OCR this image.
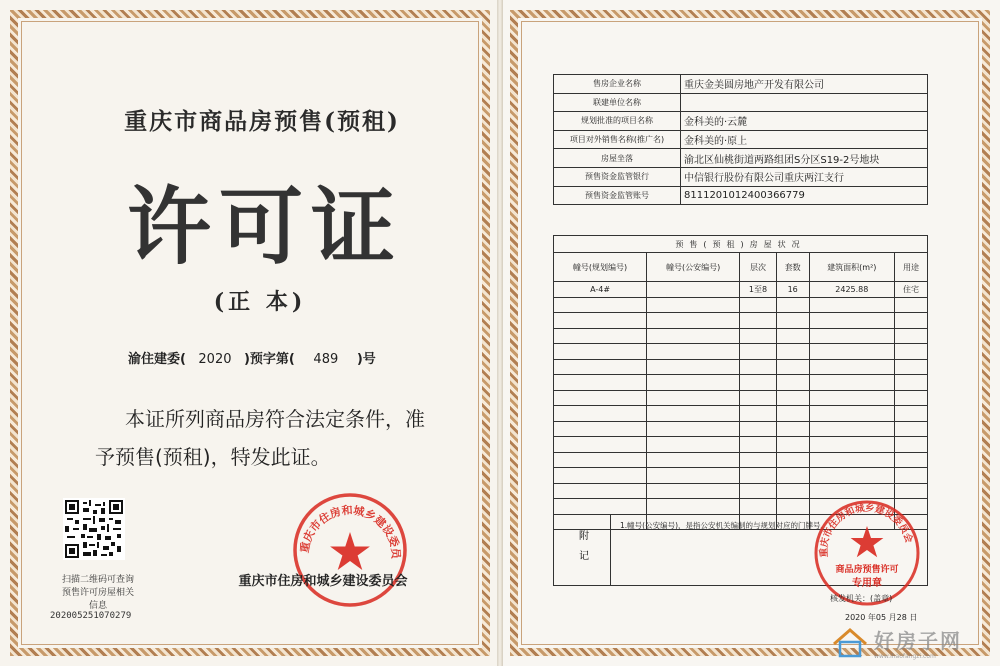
重庆市商品房预售(预租)
许可证
(正 本)
渝住建委( 2020 )预字第( 489 )号
本证所列商品房符合法定条件，准
予预售(预租)，特发此证。
扫描二维码可查询预售许可房屋相关信息
2020052510702​79
重庆市住房和城乡建设委员
重庆市住房和城乡建设委员会
售房企业名称	重庆金美圆房地产开发有限公司
联建单位名称	
规划批准的项目名称	金科美的·云麓
项目对外销售名称(推广名)	金科美的·原上
房屋坐落	渝北区仙桃街道两路组团S分区S19-2号地块
预售资金监管银行	中信银行股份有限公司重庆两江支行
预售资金监管账号	8111201012400366779
预售(预租)房屋状况					
幢号(规划编号)	幢号(公安编号)	层次	套数	建筑面积(m²)	用途
A-4#		1至8	16	2425.88	住宅

附记
1.幢号(公安编号)，是指公安机关编制的与规划对应的门牌号。
重庆市住房和城乡建设委员会
商品房预售许可
专用章
核发机关：(盖章)
2020 年05 月28 日
好房子网
www.ihaofangzi.com
